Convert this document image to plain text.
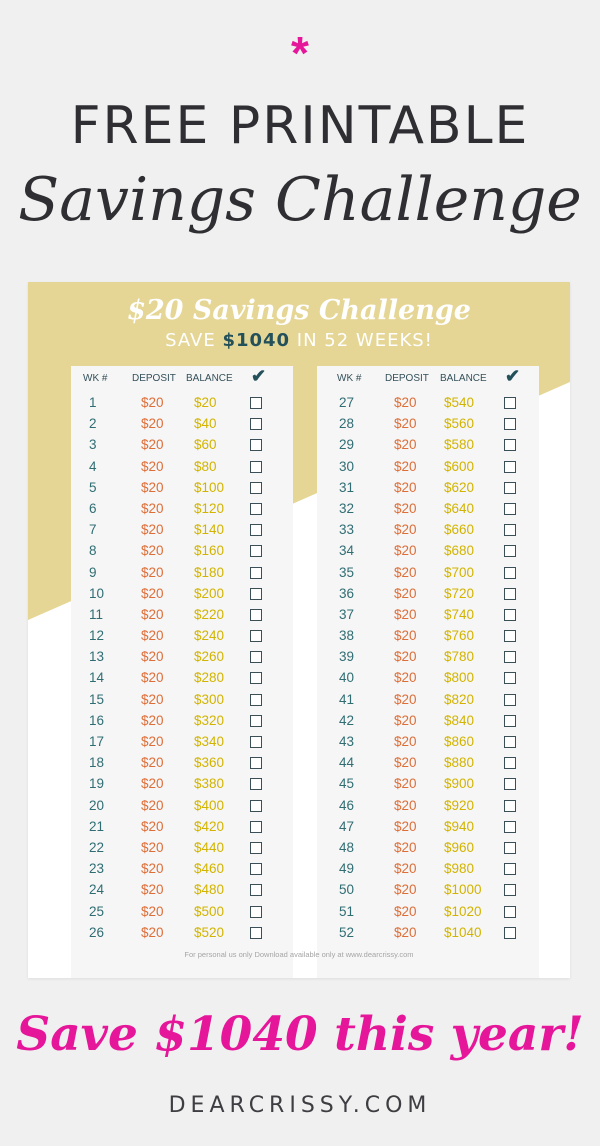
*
FREE PRINTABLE
Savings Challenge
$20 Savings Challenge
SAVE $1040 IN 52 WEEKS!
WK # DEPOSIT BALANCE ✔
1	$20 $20
2	$20 $40
3	$20 $60
4	$20 $80
5	$20 $100
6	$20 $120
7	$20 $140
8	$20 $160
9	$20 $180
10	$20 $200
11	$20 $220
12	$20 $240
13	$20 $260
14	$20 $280
15	$20 $300
16	$20 $320
17	$20 $340
18	$20 $360
19	$20 $380
20	$20 $400
21	$20 $420
22	$20 $440
23	$20 $460
24	$20 $480
25	$20 $500
26	$20 $520
WK # DEPOSIT BALANCE ✔
27	$20 $540
28	$20 $560
29	$20 $580
30	$20 $600
31	$20 $620
32	$20 $640
33	$20 $660
34	$20 $680
35	$20 $700
36	$20 $720
37	$20 $740
38	$20 $760
39	$20 $780
40	$20 $800
41	$20 $820
42	$20 $840
43	$20 $860
44	$20 $880
45	$20 $900
46	$20 $920
47	$20 $940
48	$20 $960
49	$20 $980
50	$20 $1000
51	$20 $1020
52	$20 $1040
For personal us only Download available only at www.dearcrissy.com
Save $1040 this year!
DEARCRISSY.COM
